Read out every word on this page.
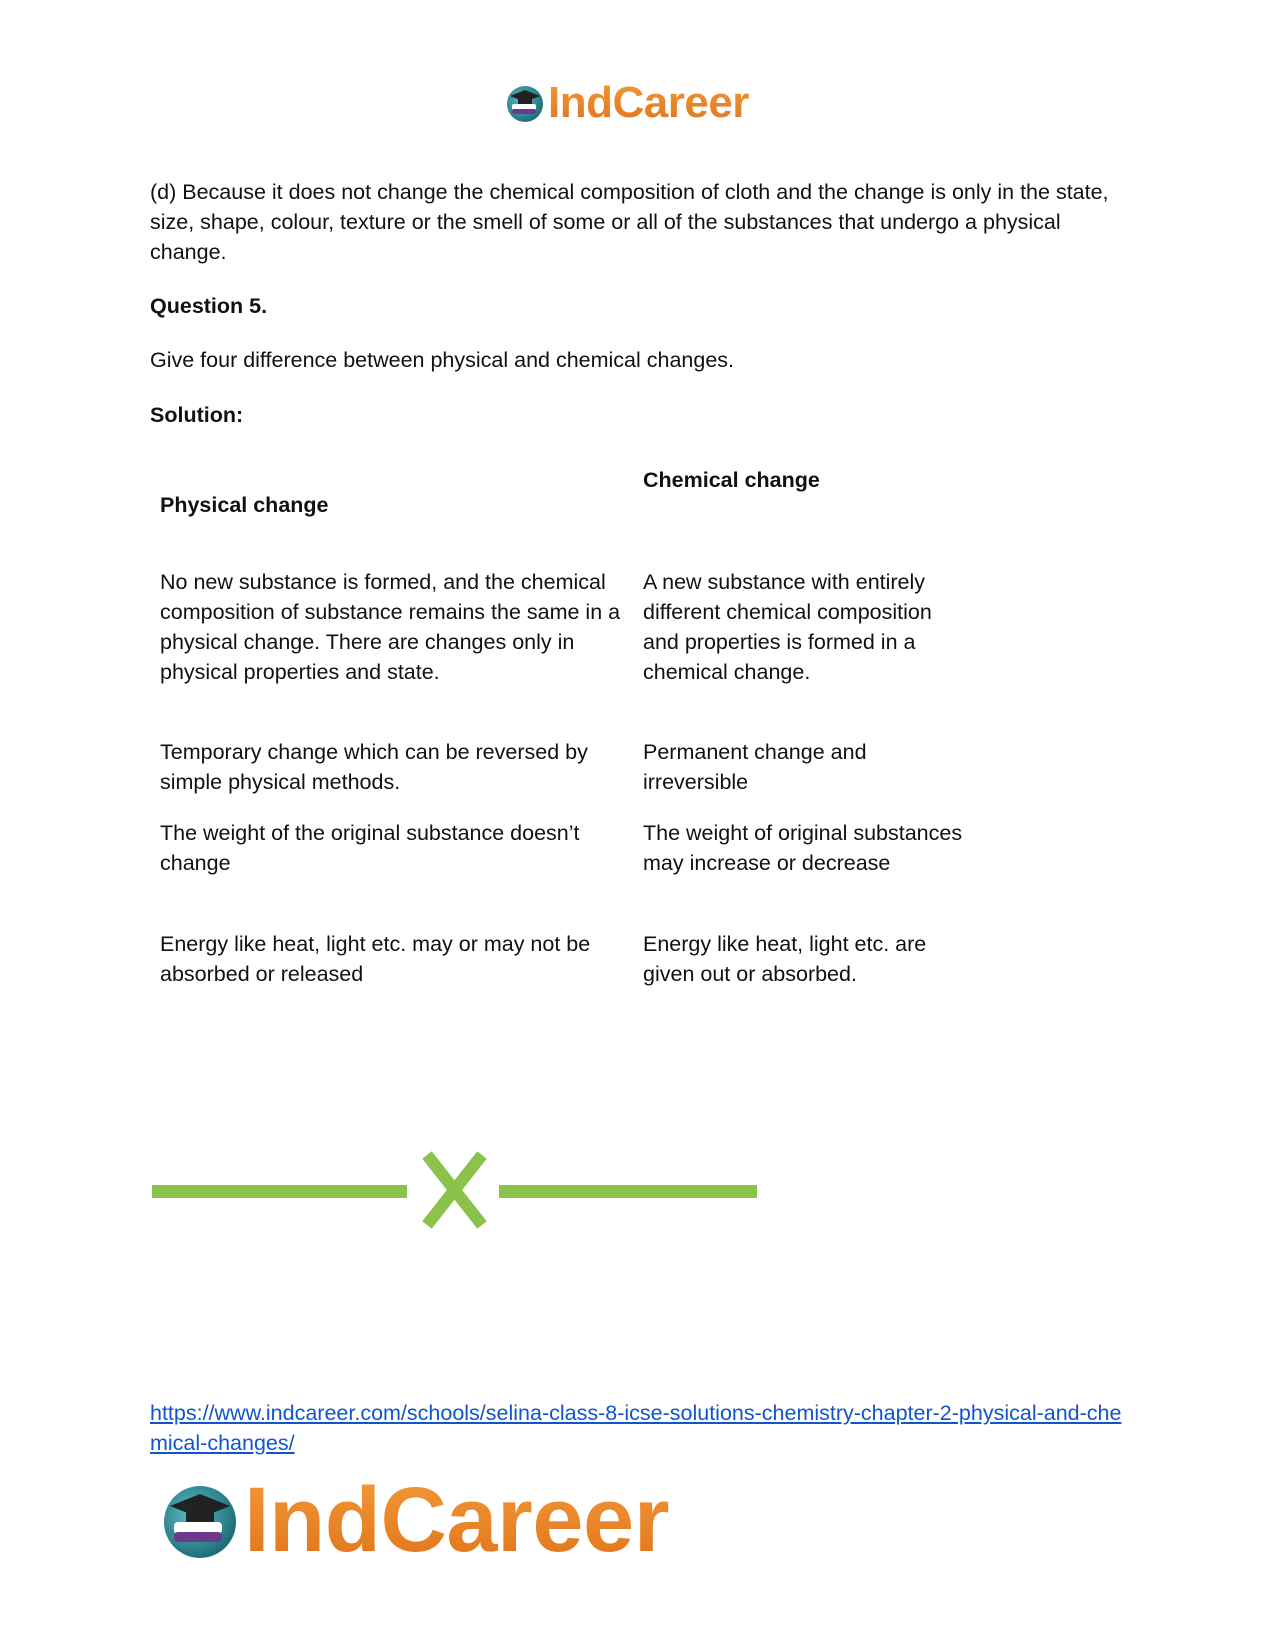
IndCareer
(d) Because it does not change the chemical composition of cloth and the change is only in the state, size, shape, colour, texture or the smell of some or all of the substances that undergo a physical change.
Question 5.
Give four difference between physical and chemical changes.
Solution:
Physical change
Chemical change
No new substance is formed, and the chemical composition of substance remains the same in a physical change. There are changes only in physical properties and state.
A new substance with entirely different chemical composition and properties is formed in a chemical change.
Temporary change which can be reversed by simple physical methods.
Permanent change and irreversible
The weight of the original substance doesn’t change
The weight of original substances may increase or decrease
Energy like heat, light etc. may or may not be absorbed or released
Energy like heat, light etc. are given out or absorbed.
https://www.indcareer.com/schools/selina-class-8-icse-solutions-chemistry-chapter-2-physical-and-chemical-changes/
IndCareer
